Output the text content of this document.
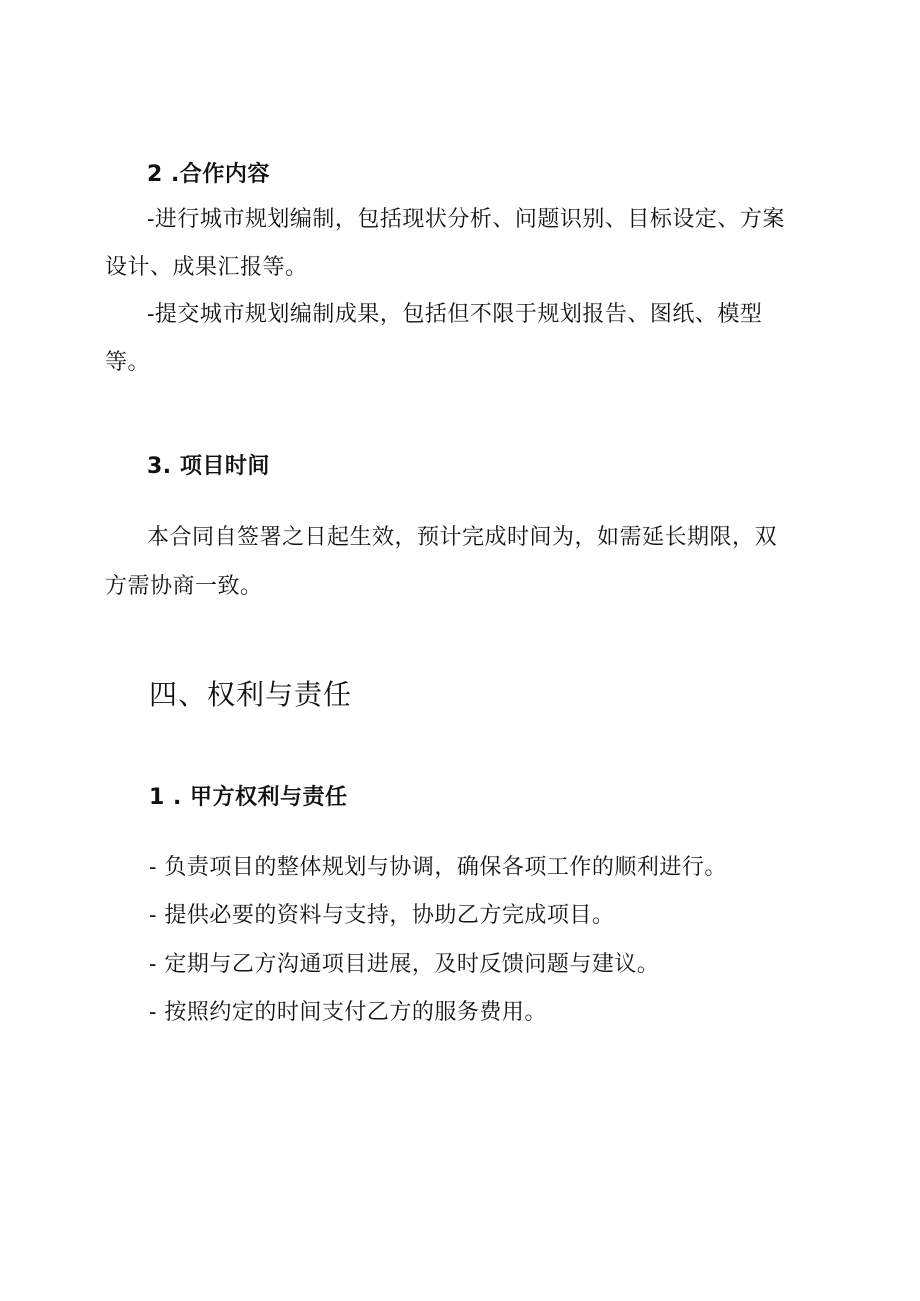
2 .合作内容
-进行城市规划编制，包括现状分析、问题识别、目标设定、方案
设计、成果汇报等。
-提交城市规划编制成果，包括但不限于规划报告、图纸、模型
等。
3. 项目时间
本合同自签署之日起生效，预计完成时间为，如需延长期限，双
方需协商一致。
四、权利与责任
1 . 甲方权利与责任
- 负责项目的整体规划与协调，确保各项工作的顺利进行。
- 提供必要的资料与支持，协助乙方完成项目。
- 定期与乙方沟通项目进展，及时反馈问题与建议。
- 按照约定的时间支付乙方的服务费用。
